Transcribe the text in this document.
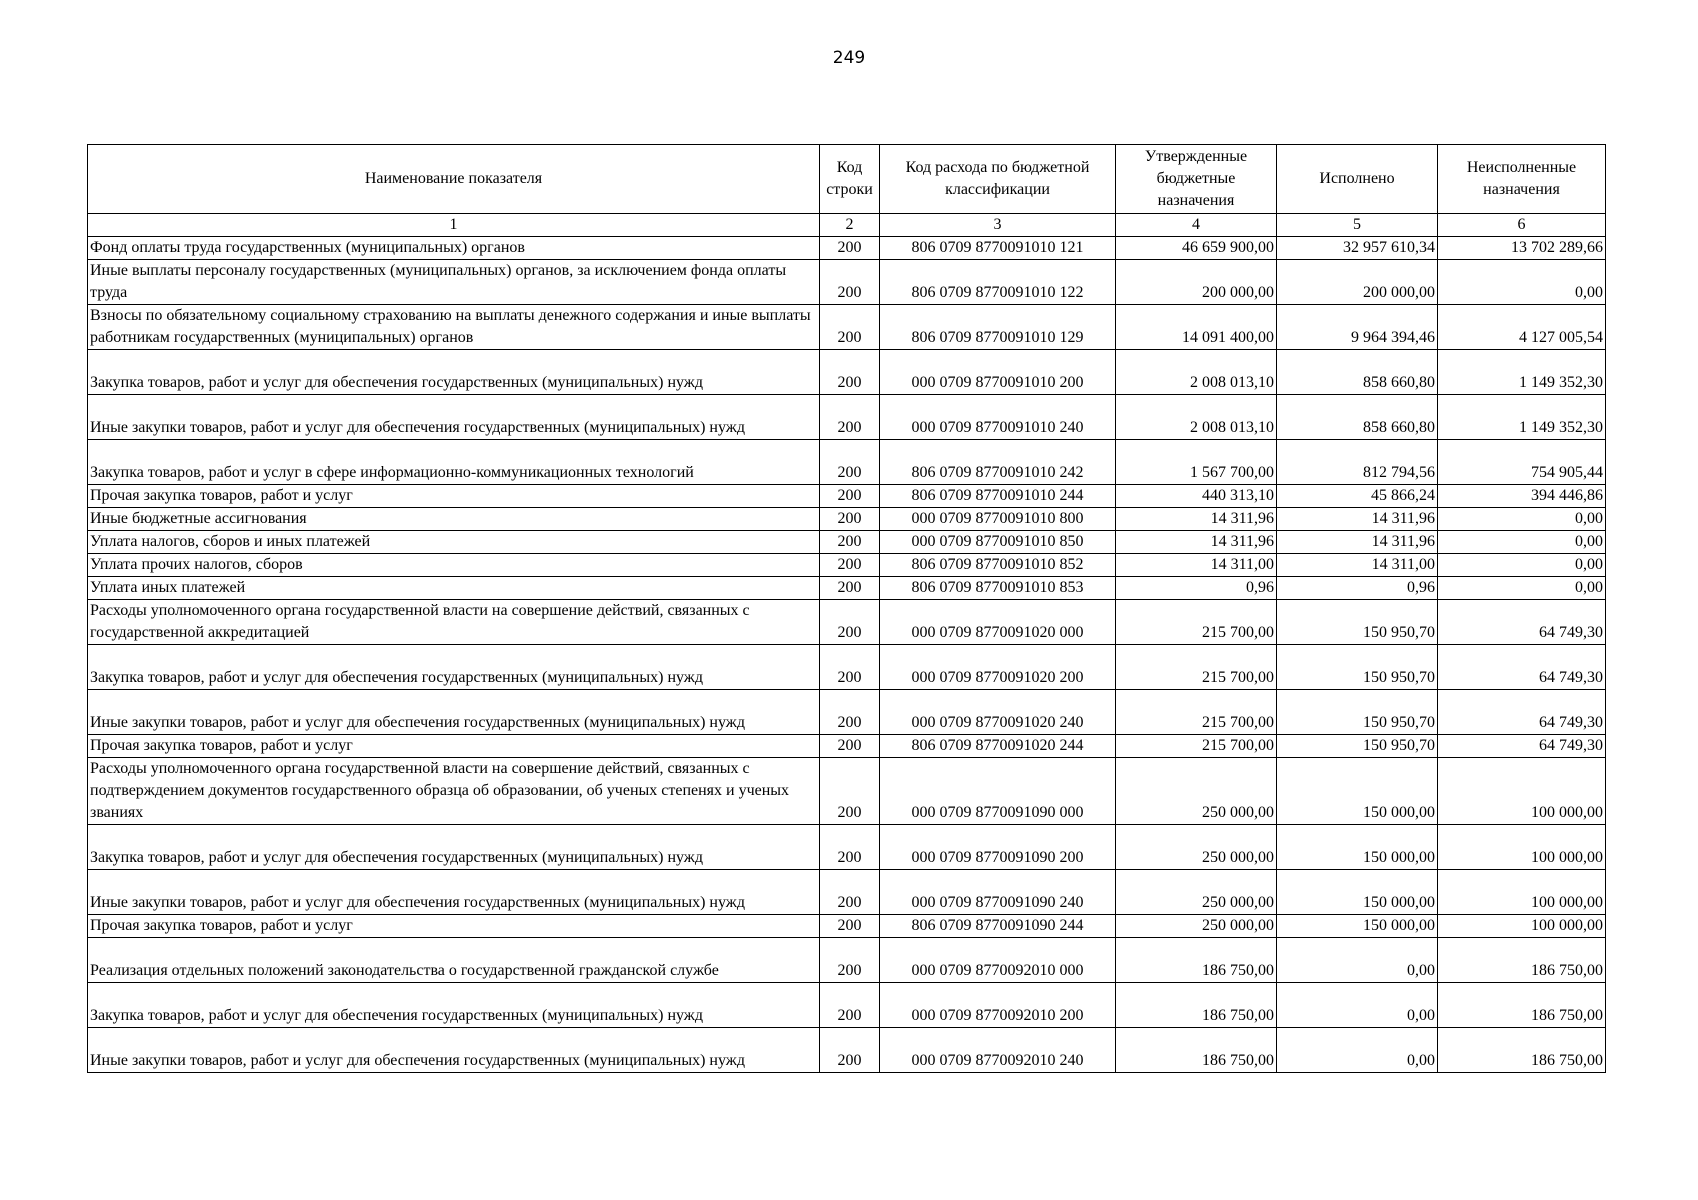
249
Наименование показателя	Код строки	Код расхода по бюджетной классификации	Утвержденные бюджетные назначения	Исполнено	Неисполненные назначения
1	2	3	4	5	6
Фонд оплаты труда государственных (муниципальных) органов	200	806 0709 8770091010 121	46 659 900,00	32 957 610,34	13 702 289,66
Иные выплаты персоналу государственных (муниципальных) органов, за исключением фонда оплаты труда	200	806 0709 8770091010 122	200 000,00	200 000,00	0,00
Взносы по обязательному социальному страхованию на выплаты денежного содержания и иные выплаты работникам государственных (муниципальных) органов	200	806 0709 8770091010 129	14 091 400,00	9 964 394,46	4 127 005,54
Закупка товаров, работ и услуг для обеспечения государственных (муниципальных) нужд	200	000 0709 8770091010 200	2 008 013,10	858 660,80	1 149 352,30
Иные закупки товаров, работ и услуг для обеспечения государственных (муниципальных) нужд	200	000 0709 8770091010 240	2 008 013,10	858 660,80	1 149 352,30
Закупка товаров, работ и услуг в сфере информационно-коммуникационных технологий	200	806 0709 8770091010 242	1 567 700,00	812 794,56	754 905,44
Прочая закупка товаров, работ и услуг	200	806 0709 8770091010 244	440 313,10	45 866,24	394 446,86
Иные бюджетные ассигнования	200	000 0709 8770091010 800	14 311,96	14 311,96	0,00
Уплата налогов, сборов и иных платежей	200	000 0709 8770091010 850	14 311,96	14 311,96	0,00
Уплата прочих налогов, сборов	200	806 0709 8770091010 852	14 311,00	14 311,00	0,00
Уплата иных платежей	200	806 0709 8770091010 853	0,96	0,96	0,00
Расходы уполномоченного органа государственной власти на совершение действий, связанных с государственной аккредитацией	200	000 0709 8770091020 000	215 700,00	150 950,70	64 749,30
Закупка товаров, работ и услуг для обеспечения государственных (муниципальных) нужд	200	000 0709 8770091020 200	215 700,00	150 950,70	64 749,30
Иные закупки товаров, работ и услуг для обеспечения государственных (муниципальных) нужд	200	000 0709 8770091020 240	215 700,00	150 950,70	64 749,30
Прочая закупка товаров, работ и услуг	200	806 0709 8770091020 244	215 700,00	150 950,70	64 749,30
Расходы уполномоченного органа государственной власти на совершение действий, связанных с подтверждением документов государственного образца об образовании, об ученых степенях и ученых званиях	200	000 0709 8770091090 000	250 000,00	150 000,00	100 000,00
Закупка товаров, работ и услуг для обеспечения государственных (муниципальных) нужд	200	000 0709 8770091090 200	250 000,00	150 000,00	100 000,00
Иные закупки товаров, работ и услуг для обеспечения государственных (муниципальных) нужд	200	000 0709 8770091090 240	250 000,00	150 000,00	100 000,00
Прочая закупка товаров, работ и услуг	200	806 0709 8770091090 244	250 000,00	150 000,00	100 000,00
Реализация отдельных положений законодательства о государственной гражданской службе	200	000 0709 8770092010 000	186 750,00	0,00	186 750,00
Закупка товаров, работ и услуг для обеспечения государственных (муниципальных) нужд	200	000 0709 8770092010 200	186 750,00	0,00	186 750,00
Иные закупки товаров, работ и услуг для обеспечения государственных (муниципальных) нужд	200	000 0709 8770092010 240	186 750,00	0,00	186 750,00
